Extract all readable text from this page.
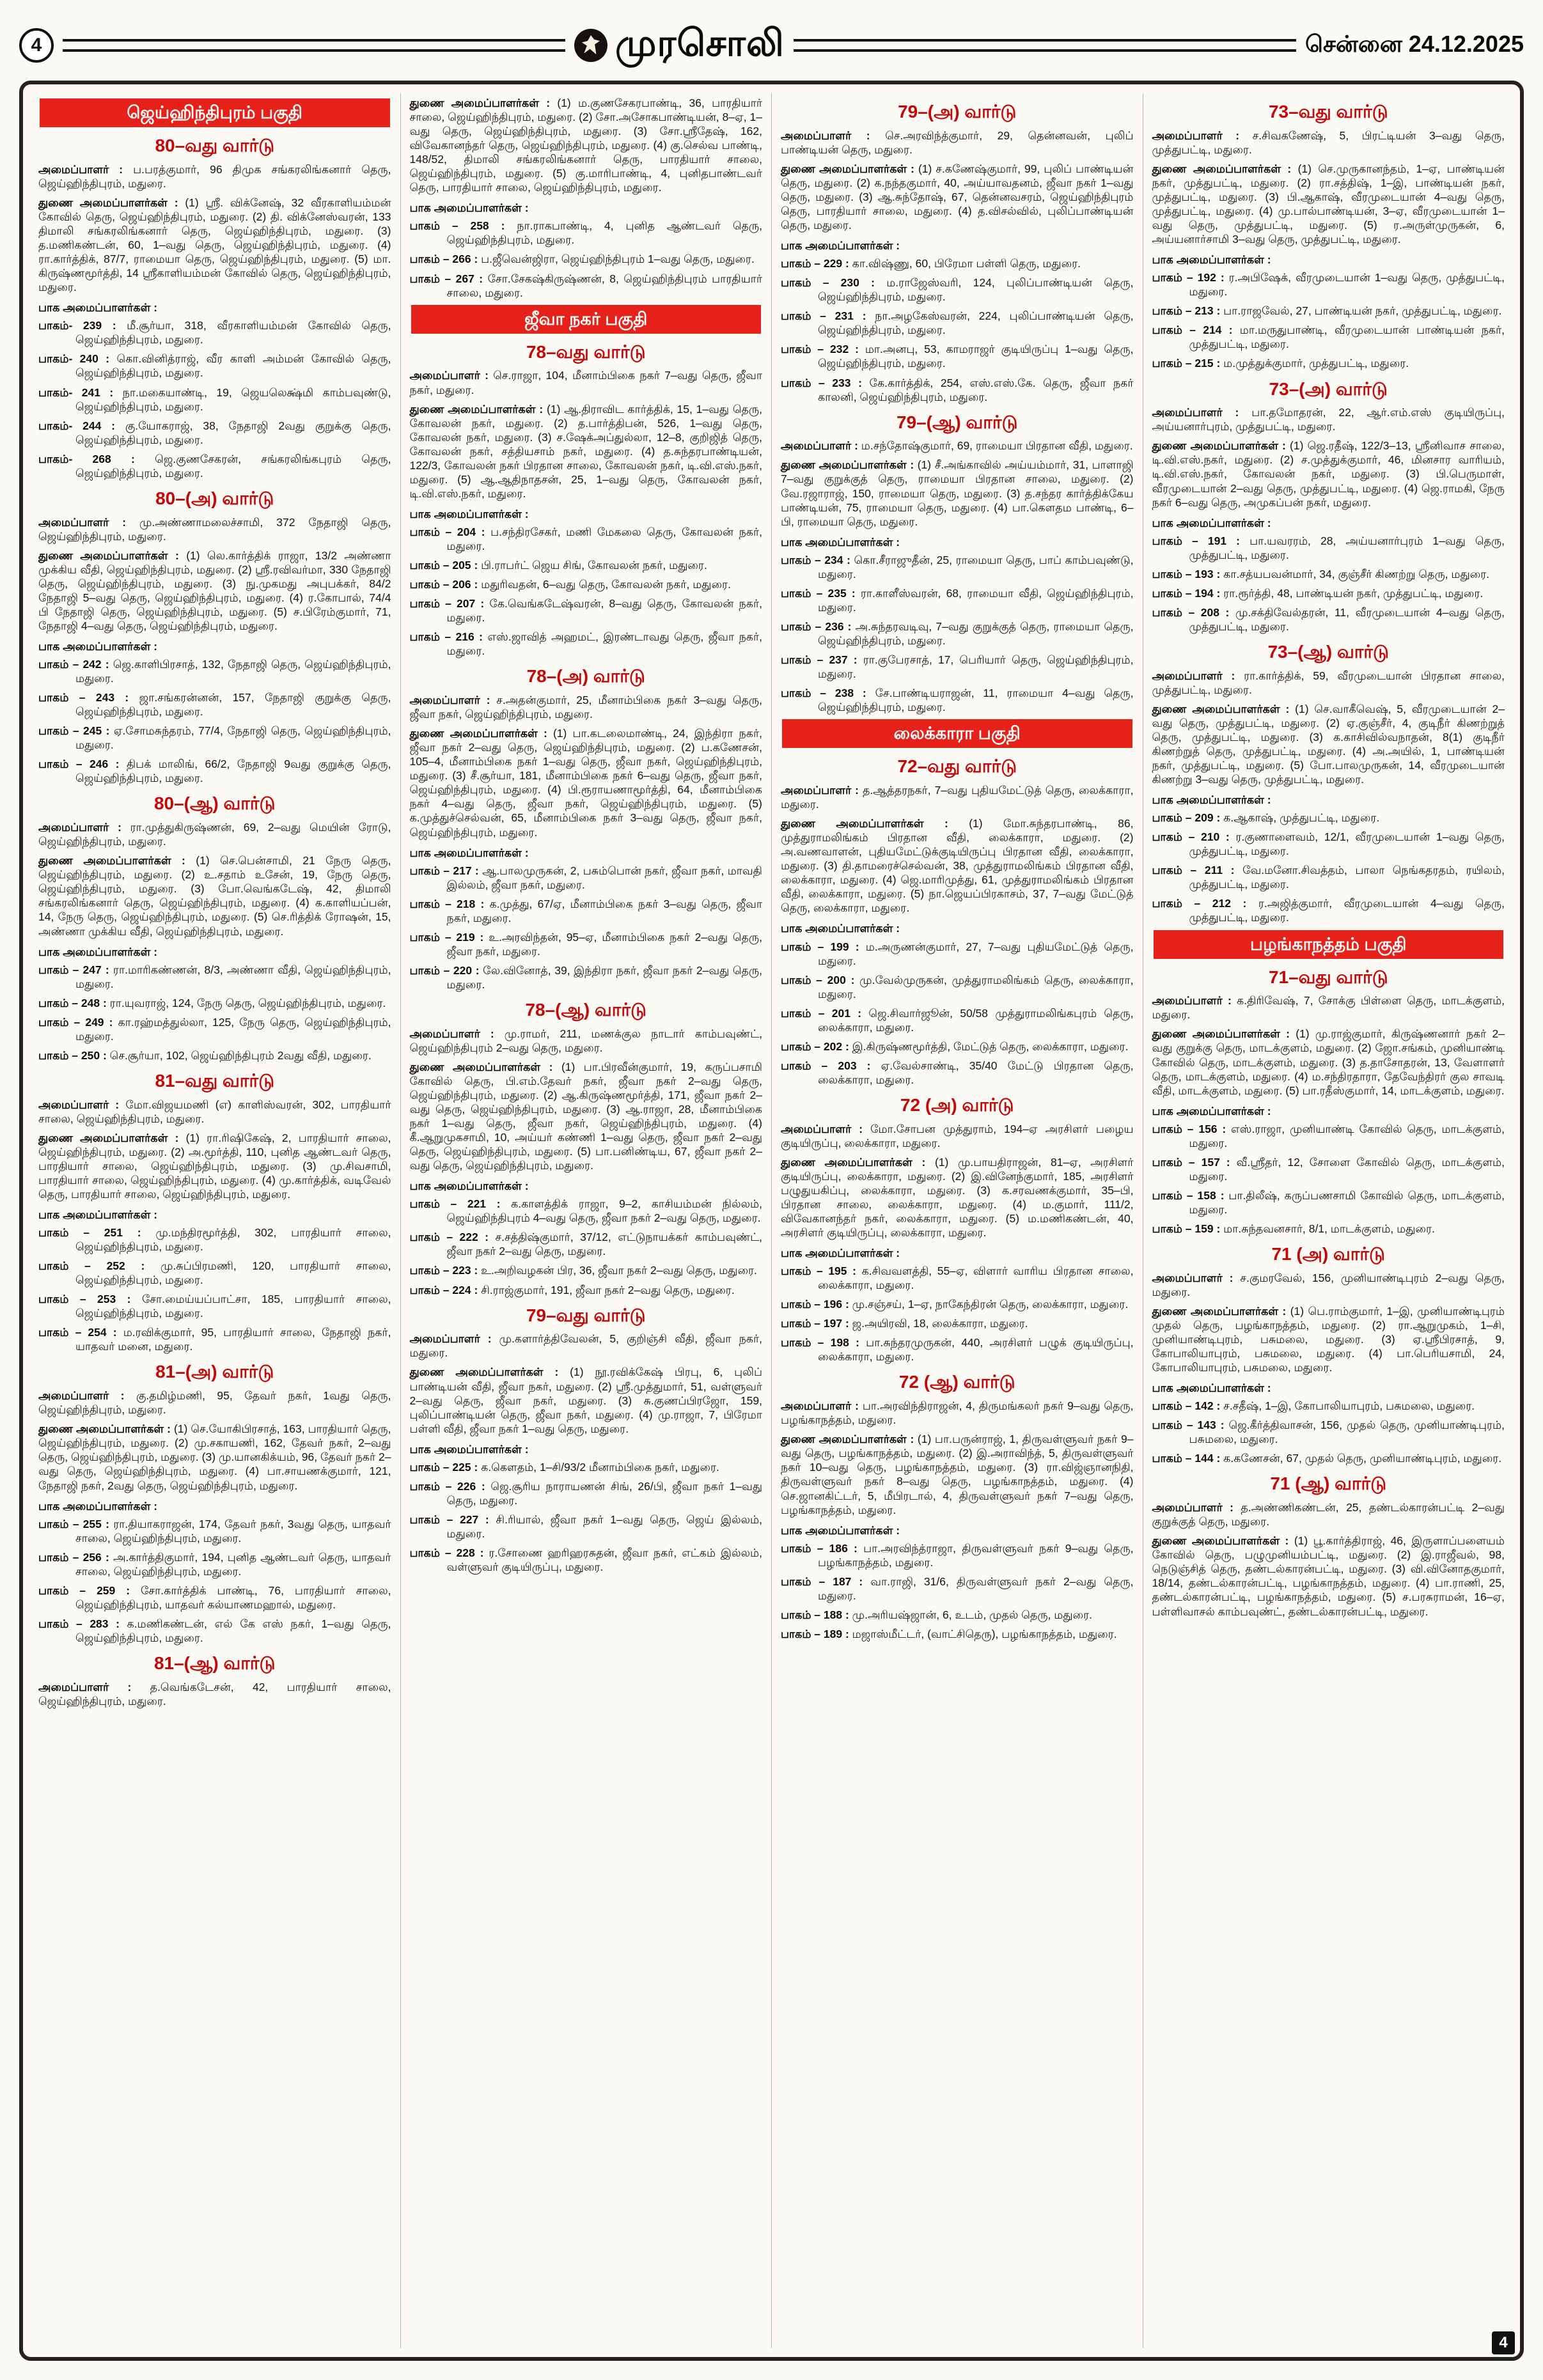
4	முரசொலி	சென்னை 24.12.2025
ஜெய்ஹிந்திபுரம் பகுதி
80–வது வார்டு

அமைப்பாளர் : ப.பரத்குமார், 96 திமுக சங்கரலிங்கனார் தெரு, ஜெய்ஹிந்திபுரம், மதுரை.

துணை அமைப்பாளர்கள் : (1) ஸ்ரீ. விக்னேஷ், 32 வீரகாளியம்மன் கோவில் தெரு, ஜெய்ஹிந்திபுரம், மதுரை. (2) தி. விக்னேஸ்வரன், 133 திமாலி சங்கரலிங்கனார் தெரு, ஜெய்ஹிந்திபுரம், மதுரை. (3) த.மணிகண்டன், 60, 1–வது தெரு, ஜெய்ஹிந்திபுரம், மதுரை. (4) ரா.கார்த்திக், 87/7, ராமையா தெரு, ஜெய்ஹிந்திபுரம், மதுரை. (5) மா. கிருஷ்ணமூர்த்தி, 14 ஸ்ரீகாளியம்மன் கோவில் தெரு, ஜெய்ஹிந்திபுரம், மதுரை.

பாக அமைப்பாளர்கள் :

பாகம்- 239 : மீ.சூர்யா, 318, வீரகாளியம்மன் கோவில் தெரு, ஜெய்ஹிந்திபுரம், மதுரை.

பாகம்- 240 : கொ.வினித்ராஜ், வீர காளி அம்மன் கோவில் தெரு, ஜெய்ஹிந்திபுரம், மதுரை.

பாகம்- 241 : நா.மகையாண்டி, 19, ஜெயலெக்ஷ்மி காம்பவுண்டு, ஜெய்ஹிந்திபுரம், மதுரை.

பாகம்- 244 : கு.யோகராஜ், 38, நேதாஜி 2வது குறுக்கு தெரு, ஜெய்ஹிந்திபுரம், மதுரை.

பாகம்- 268 : ஜெ.குணசேகரன், சங்கரலிங்கபுரம் தெரு, ஜெய்ஹிந்திபுரம், மதுரை.

80–(அ) வார்டு

அமைப்பாளர் : மு.அண்ணாமலைச்சாமி, 372 நேதாஜி தெரு, ஜெய்ஹிந்திபுரம், மதுரை.

துணை அமைப்பாளர்கள் : (1) லெ.கார்த்திக் ராஜா, 13/2 அண்ணா முக்கிய வீதி, ஜெய்ஹிந்திபுரம், மதுரை. (2) ஸ்ரீ.ரவிவர்மா, 330 நேதாஜி தெரு, ஜெய்ஹிந்திபுரம், மதுரை. (3) நு.முகமது அபுபக்கர், 84/2 நேதாஜி 5–வது தெரு, ஜெய்ஹிந்திபுரம், மதுரை. (4) ர.கோபால், 74/4 பி நேதாஜி தெரு, ஜெய்ஹிந்திபுரம், மதுரை. (5) ச.பிரேம்குமார், 71, நேதாஜி 4–வது தெரு, ஜெய்ஹிந்திபுரம், மதுரை.

பாக அமைப்பாளர்கள் :

பாகம் – 242 : ஜெ.காளிபிரசாத், 132, நேதாஜி தெரு, ஜெய்ஹிந்திபுரம், மதுரை.

பாகம் – 243 : ஜா.சங்கரன்னன், 157, நேதாஜி குறுக்கு தெரு, ஜெய்ஹிந்திபுரம், மதுரை.

பாகம் – 245 : ஏ.சோமசுந்தரம், 77/4, நேதாஜி தெரு, ஜெய்ஹிந்திபுரம், மதுரை.

பாகம் – 246 : திபக் மாலிங், 66/2, நேதாஜி 9வது குறுக்கு தெரு, ஜெய்ஹிந்திபுரம், மதுரை.

80–(ஆ) வார்டு

அமைப்பாளர் : ரா.முத்துகிருஷ்ணன், 69, 2–வது மெயின் ரோடு, ஜெய்ஹிந்திபுரம், மதுரை.

துணை அமைப்பாளர்கள் : (1) செ.பென்சாமி, 21 நேரு தெரு, ஜெய்ஹிந்திபுரம், மதுரை. (2) உ.சதாம் உசேன், 19, நேரு தெரு, ஜெய்ஹிந்திபுரம், மதுரை. (3) போ.வெங்கடேஷ், 42, திமாலி சங்கரலிங்கனார் தெரு, ஜெய்ஹிந்திபுரம், மதுரை. (4) க.காளியப்பன், 14, நேரு தெரு, ஜெய்ஹிந்திபுரம், மதுரை. (5) செ.ரித்திக் ரோஷன், 15, அண்ணா முக்கிய வீதி, ஜெய்ஹிந்திபுரம், மதுரை.

பாக அமைப்பாளர்கள் :

பாகம் – 247 : ரா.மாரிகண்ணன், 8/3, அண்ணா வீதி, ஜெய்ஹிந்திபுரம், மதுரை.

பாகம் – 248 : ரா.யுவராஜ், 124, நேரு தெரு, ஜெய்ஹிந்திபுரம், மதுரை.

பாகம் – 249 : கா.ரஹ்மத்துல்லா, 125, நேரு தெரு, ஜெய்ஹிந்திபுரம், மதுரை.

பாகம் – 250 : செ.சூர்யா, 102, ஜெய்ஹிந்திபுரம் 2வது வீதி, மதுரை.

81–வது வார்டு

அமைப்பாளர் : மோ.விஜயமணி (எ) காளிஸ்வரன், 302, பாரதியார் சாலை, ஜெய்ஹிந்திபுரம், மதுரை.

துணை அமைப்பாளர்கள் : (1) ரா.ரிஷிகேஷ், 2, பாரதியார் சாலை, ஜெய்ஹிந்திபுரம், மதுரை. (2) அ.மூர்த்தி, 110, புனித ஆண்டவர் தெரு, பாரதியார் சாலை, ஜெய்ஹிந்திபுரம், மதுரை. (3) மு.சிவசாமி, பாரதியார் சாலை, ஜெய்ஹிந்திபுரம், மதுரை. (4) மு.கார்த்திக், வடிவேல் தெரு, பாரதியார் சாலை, ஜெய்ஹிந்திபுரம், மதுரை.

பாக அமைப்பாளர்கள் :

பாகம் – 251 : மு.மந்திரமூர்த்தி, 302, பாரதியார் சாலை, ஜெய்ஹிந்திபுரம், மதுரை.

பாகம் – 252 : மு.சுப்பிரமணி, 120, பாரதியார் சாலை, ஜெய்ஹிந்திபுரம், மதுரை.

பாகம் – 253 : சோ.மைய்யப்பாட்சா, 185, பாரதியார் சாலை, ஜெய்ஹிந்திபுரம், மதுரை.

பாகம் – 254 : ம.ரவிக்குமார், 95, பாரதியார் சாலை, நேதாஜி நகர், யாதவர் மனை, மதுரை.

81–(அ) வார்டு

அமைப்பாளர் : கு.தமிழ்மணி, 95, தேவர் நகர், 1வது தெரு, ஜெய்ஹிந்திபுரம், மதுரை.

துணை அமைப்பாளர்கள் : (1) செ.யோகிபிரசாத், 163, பாரதியார் தெரு, ஜெய்ஹிந்திபுரம், மதுரை. (2) மு.சகாயணி, 162, தேவர் நகர், 2–வது தெரு, ஜெய்ஹிந்திபுரம், மதுரை. (3) மு.யானகிக்யம், 96, தேவர் நகர் 2–வது தெரு, ஜெய்ஹிந்திபுரம், மதுரை. (4) பா.சாயணக்குமார், 121, நேதாஜி நகர், 2வது தெரு, ஜெய்ஹிந்திபுரம், மதுரை.

பாக அமைப்பாளர்கள் :

பாகம் – 255 : ரா.தியாகராஜன், 174, தேவர் நகர், 3வது தெரு, யாதவர் சாலை, ஜெய்ஹிந்திபுரம், மதுரை.

பாகம் – 256 : அ.கார்த்திகுமார், 194, புனித ஆண்டவர் தெரு, யாதவர் சாலை, ஜெய்ஹிந்திபுரம், மதுரை.

பாகம் – 259 : சோ.கார்த்திக் பாண்டி, 76, பாரதியார் சாலை, ஜெய்ஹிந்திபுரம், யாதவர் கல்யாணமஹால், மதுரை.

பாகம் – 283 : க.மணிகண்டன், எல் கே எஸ் நகர், 1–வது தெரு, ஜெய்ஹிந்திபுரம், மதுரை.

81–(ஆ) வார்டு

அமைப்பாளர் : த.வெங்கடேசன், 42, பாரதியார் சாலை, ஜெய்ஹிந்திபுரம், மதுரை.

துணை அமைப்பாளர்கள் : (1) ம.குணசேகரபாண்டி, 36, பாரதியார் சாலை, ஜெய்ஹிந்திபுரம், மதுரை. (2) சோ.அசோகபாண்டியன், 8–ஏ, 1–வது தெரு, ஜெய்ஹிந்திபுரம், மதுரை. (3) சோ.ஸ்ரீதேஷ், 162, விவேகானந்தர் தெரு, ஜெய்ஹிந்திபுரம், மதுரை. (4) கு.செல்வ பாண்டி, 148/52, திமாலி சங்கரலிங்கனார் தெரு, பாரதியார் சாலை, ஜெய்ஹிந்திபுரம், மதுரை. (5) கு.மாரிபாண்டி, 4, புனிதபாண்டவர் தெரு, பாரதியார் சாலை, ஜெய்ஹிந்திபுரம், மதுரை.

பாக அமைப்பாளர்கள் :

பாகம் – 258 : நா.ராகபாண்டி, 4, புனித ஆண்டவர் தெரு, ஜெய்ஹிந்திபுரம், மதுரை.

பாகம் – 266 : ப.ஜீவென்ஜிரா, ஜெய்ஹிந்திபுரம் 1–வது தெரு, மதுரை.

பாகம் – 267 : சோ.சேகஷ்கிருஷ்ணன், 8, ஜெய்ஹிந்திபுரம் பாரதியார் சாலை, மதுரை.

ஜீவா நகர் பகுதி
78–வது வார்டு

அமைப்பாளர் : செ.ராஜா, 104, மீனாம்பிகை நகர் 7–வது தெரு, ஜீவா நகர், மதுரை.

துணை அமைப்பாளர்கள் : (1) ஆ.திராவிட கார்த்திக், 15, 1–வது தெரு, கோவலன் நகர், மதுரை. (2) த.பார்த்திபன், 526, 1–வது தெரு, கோவலன் நகர், மதுரை. (3) ச.ஷேக்அப்துல்லா, 12–8, குறிஜித் தெரு, கோவலன் நகர், சத்தியசாம் நகர், மதுரை. (4) த.சுந்தரபாண்டியன், 122/3, கோவலன் நகர் பிரதான சாலை, கோவலன் நகர், டி.வி.எஸ்.நகர், மதுரை. (5) ஆ.ஆதிநாதசன், 25, 1–வது தெரு, கோவலன் நகர், டி.வி.எஸ்.நகர், மதுரை.

பாக அமைப்பாளர்கள் :

பாகம் – 204 : ப.சந்திரசேகர், மணி மேகலை தெரு, கோவலன் நகர், மதுரை.

பாகம் – 205 : பி.ராபர்ட் ஜெய சிங், கோவலன் நகர், மதுரை.

பாகம் – 206 : மதுரிவதன், 6–வது தெரு, கோவலன் நகர், மதுரை.

பாகம் – 207 : கே.வெங்கடேஷ்வரன், 8–வது தெரு, கோவலன் நகர், மதுரை.

பாகம் – 216 : எஸ்.ஜாவித் அஹமட், இரண்டாவது தெரு, ஜீவா நகர், மதுரை.

78–(அ) வார்டு

அமைப்பாளர் : ச.அதன்குமார், 25, மீனாம்பிகை நகர் 3–வது தெரு, ஜீவா நகர், ஜெய்ஹிந்திபுரம், மதுரை.

துணை அமைப்பாளர்கள் : (1) பா.கடலைமாண்டி, 24, இந்திரா நகர், ஜீவா நகர் 2–வது தெரு, ஜெய்ஹிந்திபுரம், மதுரை. (2) ப.கணேசன், 105–4, மீனாம்பிகை நகர் 1–வது தெரு, ஜீவா நகர், ஜெய்ஹிந்திபுரம், மதுரை. (3) சீ.சூர்யா, 181, மீனாம்பிகை நகர் 6–வது தெரு, ஜீவா நகர், ஜெய்ஹிந்திபுரம், மதுரை. (4) பி.ரூராயணாமூர்த்தி, 64, மீனாம்பிகை நகர் 4–வது தெரு, ஜீவா நகர், ஜெய்ஹிந்திபுரம், மதுரை. (5) க.முத்துச்செல்வன், 65, மீனாம்பிகை நகர் 3–வது தெரு, ஜீவா நகர், ஜெய்ஹிந்திபுரம், மதுரை.

பாக அமைப்பாளர்கள் :

பாகம் – 217 : ஆ.பாலமுருகன், 2, பசும்பொன் நகர், ஜீவா நகர், மாவதி இல்லம், ஜீவா நகர், மதுரை.

பாகம் – 218 : க.முத்து, 67/ஏ, மீனாம்பிகை நகர் 3–வது தெரு, ஜீவா நகர், மதுரை.

பாகம் – 219 : உ.அரவிந்தன், 95–ஏ, மீனாம்பிகை நகர் 2–வது தெரு, ஜீவா நகர், மதுரை.

பாகம் – 220 : லே.வினோத், 39, இந்திரா நகர், ஜீவா நகர் 2–வது தெரு, மதுரை.

78–(ஆ) வார்டு

அமைப்பாளர் : மு.ராமர், 211, மணக்குல நாடார் காம்பவுண்ட், ஜெய்ஹிந்திபுரம் 2–வது தெரு, மதுரை.

துணை அமைப்பாளர்கள் : (1) பா.பிரவீன்குமார், 19, கருப்பசாமி கோவில் தெரு, பி.எம்.தேவர் நகர், ஜீவா நகர் 2–வது தெரு, ஜெய்ஹிந்திபுரம், மதுரை. (2) ஆ.கிருஷ்ணமூர்த்தி, 171, ஜீவா நகர் 2–வது தெரு, ஜெய்ஹிந்திபுரம், மதுரை. (3) ஆ.ராஜா, 28, மீனாம்பிகை நகர் 1–வது தெரு, ஜீவா நகர், ஜெய்ஹிந்திபுரம், மதுரை. (4) கீ.ஆறுமுகசாமி, 10, அய்யர் கண்ணி 1–வது தெரு, ஜீவா நகர் 2–வது தெரு, ஜெய்ஹிந்திபுரம், மதுரை. (5) பா.பனிண்டிய, 67, ஜீவா நகர் 2–வது தெரு, ஜெய்ஹிந்திபுரம், மதுரை.

பாக அமைப்பாளர்கள் :

பாகம் – 221 : க.காளத்திக் ராஜா, 9–2, காசியம்மன் நில்லம், ஜெய்ஹிந்திபுரம் 4–வது தெரு, ஜீவா நகர் 2–வது தெரு, மதுரை.

பாகம் – 222 : ச.சத்திஷ்குமார், 37/12, எட்டுநாயக்கர் காம்பவுண்ட், ஜீவா நகர் 2–வது தெரு, மதுரை.

பாகம் – 223 : உ.அறிவழகன் பிர, 36, ஜீவா நகர் 2–வது தெரு, மதுரை.

பாகம் – 224 : சி.ராஜ்குமார், 191, ஜீவா நகர் 2–வது தெரு, மதுரை.

79–வது வார்டு

அமைப்பாளர் : மு.களார்த்திவேலன், 5, குறிஞ்சி வீதி, ஜீவா நகர், மதுரை.

துணை அமைப்பாளர்கள் : (1) நூ.ரவிக்கேஷ் பிரபு, 6, புலிப் பாண்டியன் வீதி, ஜீவா நகர், மதுரை. (2) ஸ்ரீ.முத்துமார், 51, வள்ளுவர் 2–வது தெரு, ஜீவா நகர், மதுரை. (3) சு.குணப்பிரஜோ, 159, புலிப்பாண்டியன் தெரு, ஜீவா நகர், மதுரை. (4) மு.ராஜா, 7, பிரேமா பள்ளி வீதி, ஜீவா நகர் 1–வது தெரு, மதுரை.

பாக அமைப்பாளர்கள் :

பாகம் – 225 : க.கெளதம், 1–சி/93/2 மீனாம்பிகை நகர், மதுரை.

பாகம் – 226 : ஜெ.சூரிய நாராயணன் சிங், 26/பி, ஜீவா நகர் 1–வது தெரு, மதுரை.

பாகம் – 227 : சி.ரியால், ஜீவா நகர் 1–வது தெரு, ஜெய் இல்லம், மதுரை.

பாகம் – 228 : ர.சோணை ஹரிஹரசுதன், ஜீவா நகர், எட்கம் இல்லம், வள்ளுவர் குடியிருப்பு, மதுரை.

79–(அ) வார்டு

அமைப்பாளர் : செ.அரவிந்த்குமார், 29, தென்னவன், புலிப் பாண்டியன் தெரு, மதுரை.

துணை அமைப்பாளர்கள் : (1) ச.கணேஷ்குமார், 99, புலிப் பாண்டியன் தெரு, மதுரை. (2) க.நந்தகுமார், 40, அய்யாவதனம், ஜீவா நகர் 1–வது தெரு, மதுரை. (3) ஆ.சுந்தோஷ், 67, தென்னவசரம், ஜெய்ஹிந்திபுரம் தெரு, பாரதியார் சாலை, மதுரை. (4) த.விசல்வில், புலிப்பாண்டியன் தெரு, மதுரை.

பாக அமைப்பாளர்கள் :

பாகம் – 229 : கா.விஷ்ணு, 60, பிரேமா பள்ளி தெரு, மதுரை.

பாகம் – 230 : ம.ராஜேஸ்வரி, 124, புலிப்பாண்டியன் தெரு, ஜெய்ஹிந்திபுரம், மதுரை.

பாகம் – 231 : நா.அழகேஸ்வரன், 224, புலிப்பாண்டியன் தெரு, ஜெய்ஹிந்திபுரம், மதுரை.

பாகம் – 232 : மா.அனபு, 53, காமராஜர் குடியிருப்பு 1–வது தெரு, ஜெய்ஹிந்திபுரம், மதுரை.

பாகம் – 233 : கே.கார்த்திக், 254, எஸ்.எஸ்.கே. தெரு, ஜீவா நகர் காலனி, ஜெய்ஹிந்திபுரம், மதுரை.

79–(ஆ) வார்டு

அமைப்பாளர் : ம.சந்தோஷ்குமார், 69, ராமையா பிரதான வீதி, மதுரை.

துணை அமைப்பாளர்கள் : (1) சீ.அங்காவில் அய்யம்மார், 31, பாளாஜி 7–வது குறுக்குத் தெரு, ராமையா பிரதான சாலை, மதுரை. (2) வே.ரஜாராஜ், 150, ராமையா தெரு, மதுரை. (3) த.சந்தர கார்த்திக்கேய பாண்டியன், 75, ராமையா தெரு, மதுரை. (4) பா.கௌதம பாண்டி, 6–பி, ராமையா தெரு, மதுரை.

பாக அமைப்பாளர்கள் :

பாகம் – 234 : கொ.சீராஜுதீன், 25, ராமையா தெரு, பாப் காம்பவுண்டு, மதுரை.

பாகம் – 235 : ரா.காளீஸ்வரன், 68, ராமையா வீதி, ஜெய்ஹிந்திபுரம், மதுரை.

பாகம் – 236 : அ.சுந்தரவடிவு, 7–வது குறுக்குத் தெரு, ராமையா தெரு, ஜெய்ஹிந்திபுரம், மதுரை.

பாகம் – 237 : ரா.குபேரசாத், 17, பெரியார் தெரு, ஜெய்ஹிந்திபுரம், மதுரை.

பாகம் – 238 : சே.பாண்டியராஜன், 11, ராமையா 4–வது தெரு, ஜெய்ஹிந்திபுரம், மதுரை.

லைக்காரா பகுதி
72–வது வார்டு

அமைப்பாளர் : த.ஆத்தரநகர், 7–வது புதியமேட்டுத் தெரு, லைக்காரா, மதுரை.

துணை அமைப்பாளர்கள் : (1) மோ.சுந்தரபாண்டி, 86, முத்துராமலிங்கம் பிரதான வீதி, லைக்காரா, மதுரை. (2) அ.வணவாளன், புதியமேட்டுக்குடியிருப்பு பிரதான வீதி, லைக்காரா, மதுரை. (3) தி.தாமரைச்செல்வன், 38, முத்துராமலிங்கம் பிரதான வீதி, லைக்காரா, மதுரை. (4) ஜெ.மாரிமுத்து, 61, முத்துராமலிங்கம் பிரதான வீதி, லைக்காரா, மதுரை. (5) நா.ஜெயப்பிரகாசம், 37, 7–வது மேட்டுத் தெரு, லைக்காரா, மதுரை.

பாக அமைப்பாளர்கள் :

பாகம் – 199 : ம.அருணன்குமார், 27, 7–வது புதியமேட்டுத் தெரு, மதுரை.

பாகம் – 200 : மு.வேல்முருகன், முத்துராமலிங்கம் தெரு, லைக்காரா, மதுரை.

பாகம் – 201 : ஜெ.சிவார்ஜூன், 50/58 முத்துராமலிங்கபுரம் தெரு, லைக்காரா, மதுரை.

பாகம் – 202 : இ.கிருஷ்ணமூர்த்தி, மேட்டுத் தெரு, லைக்காரா, மதுரை.

பாகம் – 203 : ஏ.வேல்சாண்டி, 35/40 மேட்டு பிரதான தெரு, லைக்காரா, மதுரை.

72 (அ) வார்டு

அமைப்பாளர் : மோ.சோபன முத்துராம், 194–ஏ அரசிளர் பழைய குடியிருப்பு, லைக்காரா, மதுரை.

துணை அமைப்பாளர்கள் : (1) மு.பாயதிராஜன், 81–ஏ, அரசிளர் குடியிருப்பு, லைக்காரா, மதுரை. (2) இ.வினேந்குமார், 185, அரசிளர் பழுதுயகிப்பு, லைக்காரா, மதுரை. (3) க.சரவணக்குமார், 35–பி, பிரதான சாலை, லைக்காரா, மதுரை. (4) ம.குமார், 111/2, விவேகானந்தர் நகர், லைக்காரா, மதுரை. (5) ம.மணிகண்டன், 40, அரசிளர் குடியிருப்பு, லைக்காரா, மதுரை.

பாக அமைப்பாளர்கள் :

பாகம் – 195 : க.சிவவளத்தி, 55–ஏ, விளார் வாரிய பிரதான சாலை, லைக்காரா, மதுரை.

பாகம் – 196 : மு.சஞ்சய், 1–ஏ, நாகேந்திரன் தெரு, லைக்காரா, மதுரை.

பாகம் – 197 : ஜ.அயிரவி, 18, லைக்காரா, மதுரை.

பாகம் – 198 : பா.சுந்தரமுருகன், 440, அரசிளர் பழுக் குடியிருப்பு, லைக்காரா, மதுரை.

72 (ஆ) வார்டு

அமைப்பாளர் : பா.அரவிந்திராஜன், 4, திருமங்கலர் நகர் 9–வது தெரு, பழங்காநத்தம், மதுரை.

துணை அமைப்பாளர்கள் : (1) பா.பருன்ராஜ், 1, திருவள்ளுவர் நகர் 9–வது தெரு, பழங்காநத்தம், மதுரை. (2) இ.அராவிந்த், 5, திருவள்ளுவர் நகர் 10–வது தெரு, பழங்காநத்தம், மதுரை. (3) ரா.விஜ்ஞானநிதி, திருவள்ளுவர் நகர் 8–வது தெரு, பழங்காநத்தம், மதுரை. (4) செ.ஜானகிட்டர், 5, மீபிரடால், 4, திருவள்ளுவர் நகர் 7–வது தெரு, பழங்காநத்தம், மதுரை.

பாக அமைப்பாளர்கள் :

பாகம் – 186 : பா.அரவிந்த்ராஜா, திருவள்ளுவர் நகர் 9–வது தெரு, பழங்காநத்தம், மதுரை.

பாகம் – 187 : வா.ராஜி, 31/6, திருவள்ளுவர் நகர் 2–வது தெரு, மதுரை.

பாகம் – 188 : மு.அரியஷ்ஜான், 6, உடம், முதல் தெரு, மதுரை.

பாகம் – 189 : மஜாஸ்மீட்டர், (வாட்சிதெரு), பழங்காநத்தம், மதுரை.

73–வது வார்டு

அமைப்பாளர் : ச.சிவகணேஷ், 5, பிரட்டியன் 3–வது தெரு, முத்துபட்டி, மதுரை.

துணை அமைப்பாளர்கள் : (1) செ.முருகானந்தம், 1–ஏ, பாண்டியன் நகர், முத்துபட்டி, மதுரை. (2) ரா.சத்திஷ், 1–இ, பாண்டியன் நகர், முத்துபட்டி, மதுரை. (3) பி.ஆகாஷ், வீரமுடையான் 4–வது தெரு, முத்துபட்டி, மதுரை. (4) மு.பால்பாண்டியன், 3–ஏ, வீரமுடையான் 1–வது தெரு, முத்துபட்டி, மதுரை. (5) ர.அருள்முருகன், 6, அய்யனார்சாமி 3–வது தெரு, முத்துபட்டி, மதுரை.

பாக அமைப்பாளர்கள் :

பாகம் – 192 : ர.அபிஷேக், வீரமுடையான் 1–வது தெரு, முத்துபட்டி, மதுரை.

பாகம் – 213 : பா.ராஜவேல், 27, பாண்டியன் நகர், முத்துபட்டி, மதுரை.

பாகம் – 214 : மா.மருதுபாண்டி, வீரமுடையான் பாண்டியன் நகர், முத்துபட்டி, மதுரை.

பாகம் – 215 : ம.முத்துக்குமார், முத்துபட்டி, மதுரை.

73–(அ) வார்டு

அமைப்பாளர் : பா.தமோதரன், 22, ஆர்.எம்.எஸ் குடியிருப்பு, அய்யனார்புரம், முத்துபட்டி, மதுரை.

துணை அமைப்பாளர்கள் : (1) ஜெ.ரதீஷ், 122/3–13, ஸ்ரீனிவாச சாலை, டி.வி.எஸ்.நகர், மதுரை. (2) ச.முத்துக்குமார், 46, மினசார வாரியம், டி.வி.எஸ்.நகர், கோவலன் நகர், மதுரை. (3) பி.பெருமாள், வீரமுடையான் 2–வது தெரு, முத்துபட்டி, மதுரை. (4) ஜெ.ராமகி, நேரு நகர் 6–வது தெரு, அமுகப்பன் நகர், மதுரை.

பாக அமைப்பாளர்கள் :

பாகம் – 191 : பா.யவரரம், 28, அய்யனார்புரம் 1–வது தெரு, முத்துபட்டி, மதுரை.

பாகம் – 193 : கா.சத்யபவன்மார், 34, குஞ்சீர் கிணற்று தெரு, மதுரை.

பாகம் – 194 : ரா.ரூர்த்தி, 48, பாண்டியன் நகர், முத்துபட்டி, மதுரை.

பாகம் – 208 : மு.சக்திவேல்தரன், 11, வீரமுடையான் 4–வது தெரு, முத்துபட்டி, மதுரை.

73–(ஆ) வார்டு

அமைப்பாளர் : ரா.கார்த்திக், 59, வீரமுடையான் பிரதான சாலை, முத்துபட்டி, மதுரை.

துணை அமைப்பாளர்கள் : (1) செ.வாகீவெஷ், 5, வீரமுடையான் 2–வது தெரு, முத்துபட்டி, மதுரை. (2) ஏ.குஞ்சீர், 4, குடிநீர் கிணற்றுத் தெரு, முத்துபட்டி, மதுரை. (3) க.காசிவில்வநாதன், 8(1) குடிநீர் கிணற்றுத் தெரு, முத்துபட்டி, மதுரை. (4) அ.அயில், 1, பாண்டியன் நகர், முத்துபட்டி, மதுரை. (5) போ.பாலமுருகன், 14, வீரமுடையான் கிணற்று 3–வது தெரு, முத்துபட்டி, மதுரை.

பாக அமைப்பாளர்கள் :

பாகம் – 209 : க.ஆகாஷ், முத்துபட்டி, மதுரை.

பாகம் – 210 : ர.குணாளைவம், 12/1, வீரமுடையான் 1–வது தெரு, முத்துபட்டி, மதுரை.

பாகம் – 211 : வே.மனோ.சிவத்தம், பாலா நெங்கதரதம், ரயிலம், முத்துபட்டி, மதுரை.

பாகம் – 212 : ர.அஜித்குமார், வீரமுடையான் 4–வது தெரு, முத்துபட்டி, மதுரை.

பழங்காநத்தம் பகுதி
71–வது வார்டு

அமைப்பாளர் : க.திரிவேஷ், 7, சோக்கு பிள்ளை தெரு, மாடக்குளம், மதுரை.

துணை அமைப்பாளர்கள் : (1) மு.ராஜ்குமார், கிருஷ்ணனார் நகர் 2–வது குறுக்கு தெரு, மாடக்குளம், மதுரை. (2) ஜோ.சங்கம், முனியாண்டி கோவில் தெரு, மாடக்குளம், மதுரை. (3) த.தாசோதரன், 13, வேளாளர் தெரு, மாடக்குளம், மதுரை. (4) ம.சந்திரதாரா, தேவேந்திரர் குல சாவடி வீதி, மாடக்குளம், மதுரை. (5) பா.ரதீஸ்குமார், 14, மாடக்குளம், மதுரை.

பாக அமைப்பாளர்கள் :

பாகம் – 156 : எஸ்.ராஜா, முனியாண்டி கோவில் தெரு, மாடக்குளம், மதுரை.

பாகம் – 157 : வீ.ஸ்ரீதர், 12, சோளை கோவில் தெரு, மாடக்குளம், மதுரை.

பாகம் – 158 : பா.திலீஷ், கருப்பணசாமி கோவில் தெரு, மாடக்குளம், மதுரை.

பாகம் – 159 : மா.சுந்தவனசார், 8/1, மாடக்குளம், மதுரை.

71 (அ) வார்டு

அமைப்பாளர் : ச.குமரவேல், 156, முனியாண்டிபுரம் 2–வது தெரு, மதுரை.

துணை அமைப்பாளர்கள் : (1) பெ.ராம்குமார், 1–இ, முனியாண்டிபுரம் முதல் தெரு, பழங்காநத்தம், மதுரை. (2) ரா.ஆறுமுகம், 1–சி, முனியாண்டிபுரம், பசுமலை, மதுரை. (3) ஏ.ஸ்ரீபிரசாத், 9, கோபாலியாபுரம், பசுமலை, மதுரை. (4) பா.பெரியசாமி, 24, கோபாலியாபுரம், பசுமலை, மதுரை.

பாக அமைப்பாளர்கள் :

பாகம் – 142 : ச.சதீஷ், 1–இ, கோபாலியாபுரம், பசுமலை, மதுரை.

பாகம் – 143 : ஜெ.கீர்த்திவாசன், 156, முதல் தெரு, முனியாண்டிபுரம், பசுமலை, மதுரை.

பாகம் – 144 : க.கணேசன், 67, முதல் தெரு, முனியாண்டிபுரம், மதுரை.

71 (ஆ) வார்டு

அமைப்பாளர் : த.அண்ணிகண்டன், 25, தண்டல்காரன்பட்டி 2–வது குறுக்குத் தெரு, மதுரை.

துணை அமைப்பாளர்கள் : (1) பூ.கார்த்திராஜ், 46, இருளாப்பளையம் கோவில் தெரு, பழுமுனியம்பட்டி, மதுரை. (2) இ.ராஜீவல், 98, நெடுஞ்சித் தெரு, தண்டல்காரன்பட்டி, மதுரை. (3) வி.வினோதகுமார், 18/14, தண்டல்காரன்பட்டி, பழங்காநத்தம், மதுரை. (4) பா.ராணி, 25, தண்டல்காரன்பட்டி, பழங்காநத்தம், மதுரை. (5) ச.பரசுராமன், 16–ஏ, பள்ளிவாசல் காம்பவுண்ட், தண்டல்காரன்பட்டி, மதுரை.

4
